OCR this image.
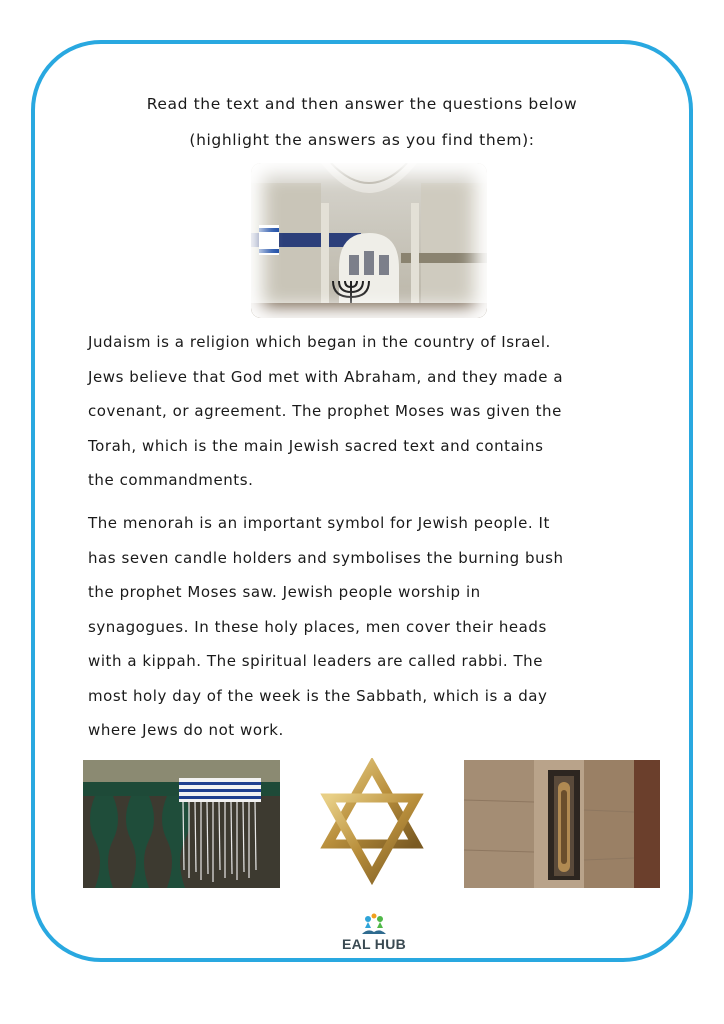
Read the text and then answer the questions below
(highlight the answers as you find them):
Judaism is a religion which began in the country of Israel.
Jews believe that God met with Abraham, and they made a
covenant, or agreement. The prophet Moses was given the
Torah, which is the main Jewish sacred text and contains
the commandments.
The menorah is an important symbol for Jewish people. It
has seven candle holders and symbolises the burning bush
the prophet Moses saw. Jewish people worship in
synagogues. In these holy places, men cover their heads
with a kippah. The spiritual leaders are called rabbi. The
most holy day of the week is the Sabbath, which is a day
where Jews do not work.
EAL HUB
